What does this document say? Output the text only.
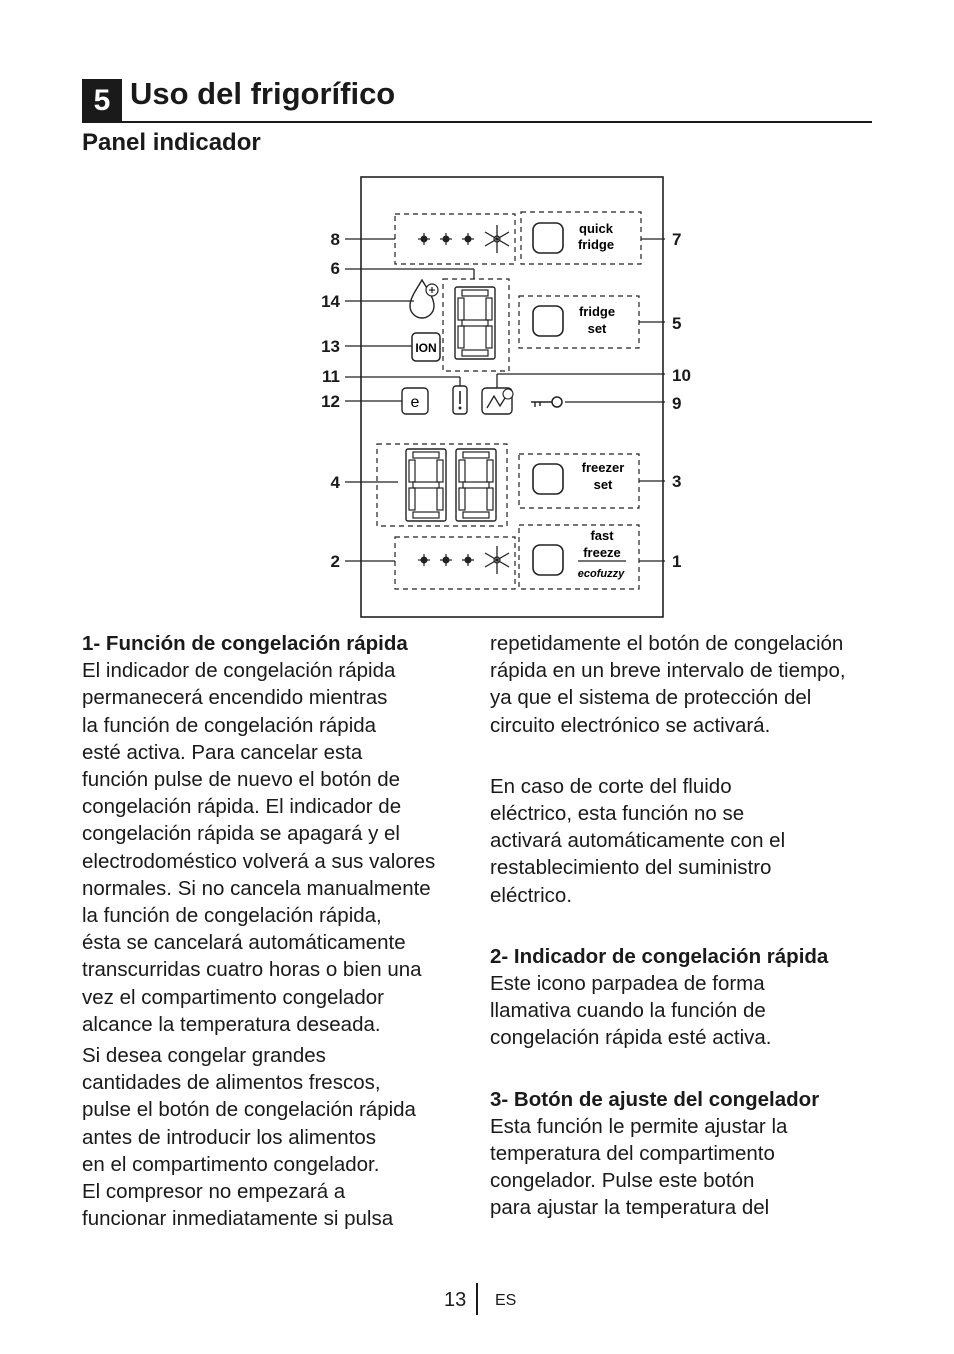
5 Uso del frigorífico
Panel indicador
quick
fridge
ION
fridge
set
e
freezer
set
fast
freeze
ecofuzzy
8
6
14
13
11
12
4
2
7
5
10
9
3
1

1- Función de congelación rápida

El indicador de congelación rápida

permanecerá encendido mientras

la función de congelación rápida

esté activa. Para cancelar esta

función pulse de nuevo el botón de

congelación rápida. El indicador de

congelación rápida se apagará y el

electrodoméstico volverá a sus valores

normales. Si no cancela manualmente

la función de congelación rápida,

ésta se cancelará automáticamente

transcurridas cuatro horas o bien una

vez el compartimento congelador

alcance la temperatura deseada.

Si desea congelar grandes

cantidades de alimentos frescos,

pulse el botón de congelación rápida

antes de introducir los alimentos

en el compartimento congelador.

El compresor no empezará a

funcionar inmediatamente si pulsa

repetidamente el botón de congelación

rápida en un breve intervalo de tiempo,

ya que el sistema de protección del

circuito electrónico se activará.

En caso de corte del fluido

eléctrico, esta función no se

activará automáticamente con el

restablecimiento del suministro

eléctrico.

2- Indicador de congelación rápida

Este icono parpadea de forma

llamativa cuando la función de

congelación rápida esté activa.

3- Botón de ajuste del congelador

Esta función le permite ajustar la

temperatura del compartimento

congelador. Pulse este botón

para ajustar la temperatura del

13 ES
